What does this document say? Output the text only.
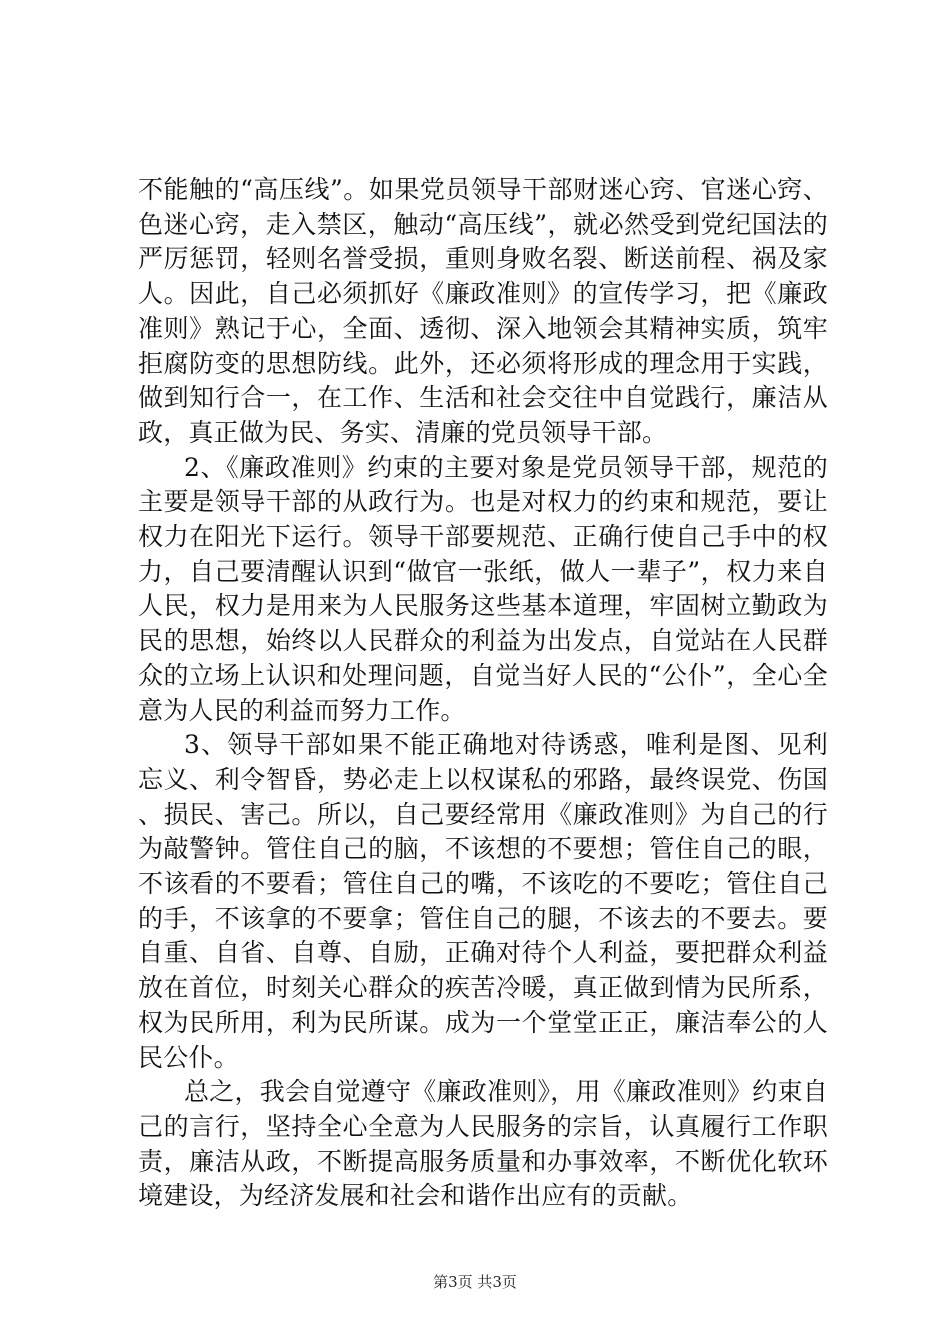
不能触的“高压线”。如果党员领导干部财迷心窍、官迷心窍、色迷心窍，走入禁区，触动“高压线”，就必然受到党纪国法的严厉惩罚，轻则名誉受损，重则身败名裂、断送前程、祸及家人。因此，自己必须抓好《廉政准则》的宣传学习，把《廉政准则》熟记于心，全面、透彻、深入地领会其精神实质，筑牢拒腐防变的思想防线。此外，还必须将形成的理念用于实践，做到知行合一，在工作、生活和社会交往中自觉践行，廉洁从政，真正做为民、务实、清廉的党员领导干部。

2、《廉政准则》约束的主要对象是党员领导干部，规范的主要是领导干部的从政行为。也是对权力的约束和规范，要让权力在阳光下运行。领导干部要规范、正确行使自己手中的权力，自己要清醒认识到“做官一张纸，做人一辈子”，权力来自人民，权力是用来为人民服务这些基本道理，牢固树立勤政为民的思想，始终以人民群众的利益为出发点，自觉站在人民群众的立场上认识和处理问题，自觉当好人民的“公仆”，全心全意为人民的利益而努力工作。

3、领导干部如果不能正确地对待诱惑，唯利是图、见利忘义、利令智昏，势必走上以权谋私的邪路，最终误党、伤国、损民、害己。所以，自己要经常用《廉政准则》为自己的行为敲警钟。管住自己的脑，不该想的不要想；管住自己的眼，不该看的不要看；管住自己的嘴，不该吃的不要吃；管住自己的手，不该拿的不要拿；管住自己的腿，不该去的不要去。要自重、自省、自尊、自励，正确对待个人利益，要把群众利益放在首位，时刻关心群众的疾苦冷暖，真正做到情为民所系，权为民所用，利为民所谋。成为一个堂堂正正，廉洁奉公的人民公仆。

总之，我会自觉遵守《廉政准则》，用《廉政准则》约束自己的言行，坚持全心全意为人民服务的宗旨，认真履行工作职责，廉洁从政，不断提高服务质量和办事效率，不断优化软环境建设，为经济发展和社会和谐作出应有的贡献。

第3页 共3页
